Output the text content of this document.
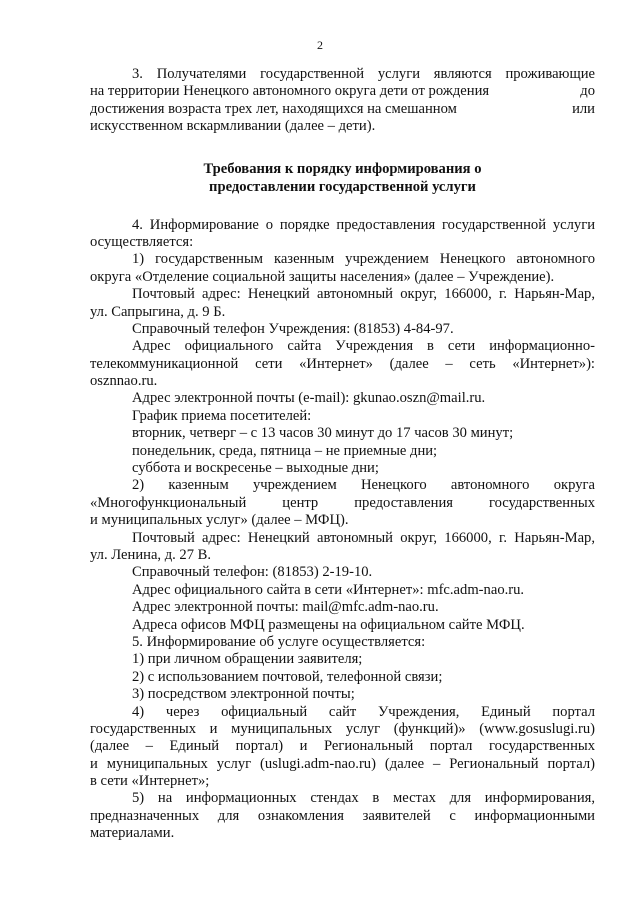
2
3. Получателями государственной услуги являются проживающие
на территории Ненецкого автономного округа дети от рождения	до
достижения возраста трех лет, находящихся на смешанном	или
искусственном вскармливании (далее – дети).
Требования к порядку информирования о
предоставлении государственной услуги
4. Информирование о порядке предоставления государственной услуги
осуществляется:
1) государственным казенным учреждением Ненецкого автономного
округа «Отделение социальной защиты населения» (далее – Учреждение).
Почтовый адрес: Ненецкий автономный округ, 166000, г. Нарьян-Мар,
ул. Сапрыгина, д. 9 Б.
Справочный телефон Учреждения: (81853) 4-84-97.
Адрес официального сайта Учреждения в сети информационно-
телекоммуникационной сети «Интернет» (далее – сеть «Интернет»):
osznnao.ru.
Адрес электронной почты (e-mail): gkunao.oszn@mail.ru.
График приема посетителей:
вторник, четверг – с 13 часов 30 минут до 17 часов 30 минут;
понедельник, среда, пятница – не приемные дни;
суббота и воскресенье – выходные дни;
2) казенным учреждением Ненецкого автономного округа
«Многофункциональный центр предоставления государственных
и муниципальных услуг» (далее – МФЦ).
Почтовый адрес: Ненецкий автономный округ, 166000, г. Нарьян-Мар,
ул. Ленина, д. 27 В.
Справочный телефон: (81853) 2-19-10.
Адрес официального сайта в сети «Интернет»: mfc.adm-nao.ru.
Адрес электронной почты: mail@mfc.adm-nao.ru.
Адреса офисов МФЦ размещены на официальном сайте МФЦ.
5. Информирование об услуге осуществляется:
1) при личном обращении заявителя;
2) с использованием почтовой, телефонной связи;
3) посредством электронной почты;
4) через официальный сайт Учреждения, Единый портал
государственных и муниципальных услуг (функций)» (www.gosuslugi.ru)
(далее – Единый портал) и Региональный портал государственных
и муниципальных услуг (uslugi.adm-nao.ru) (далее – Региональный портал)
в сети «Интернет»;
5) на информационных стендах в местах для информирования,
предназначенных для ознакомления заявителей с информационными
материалами.
